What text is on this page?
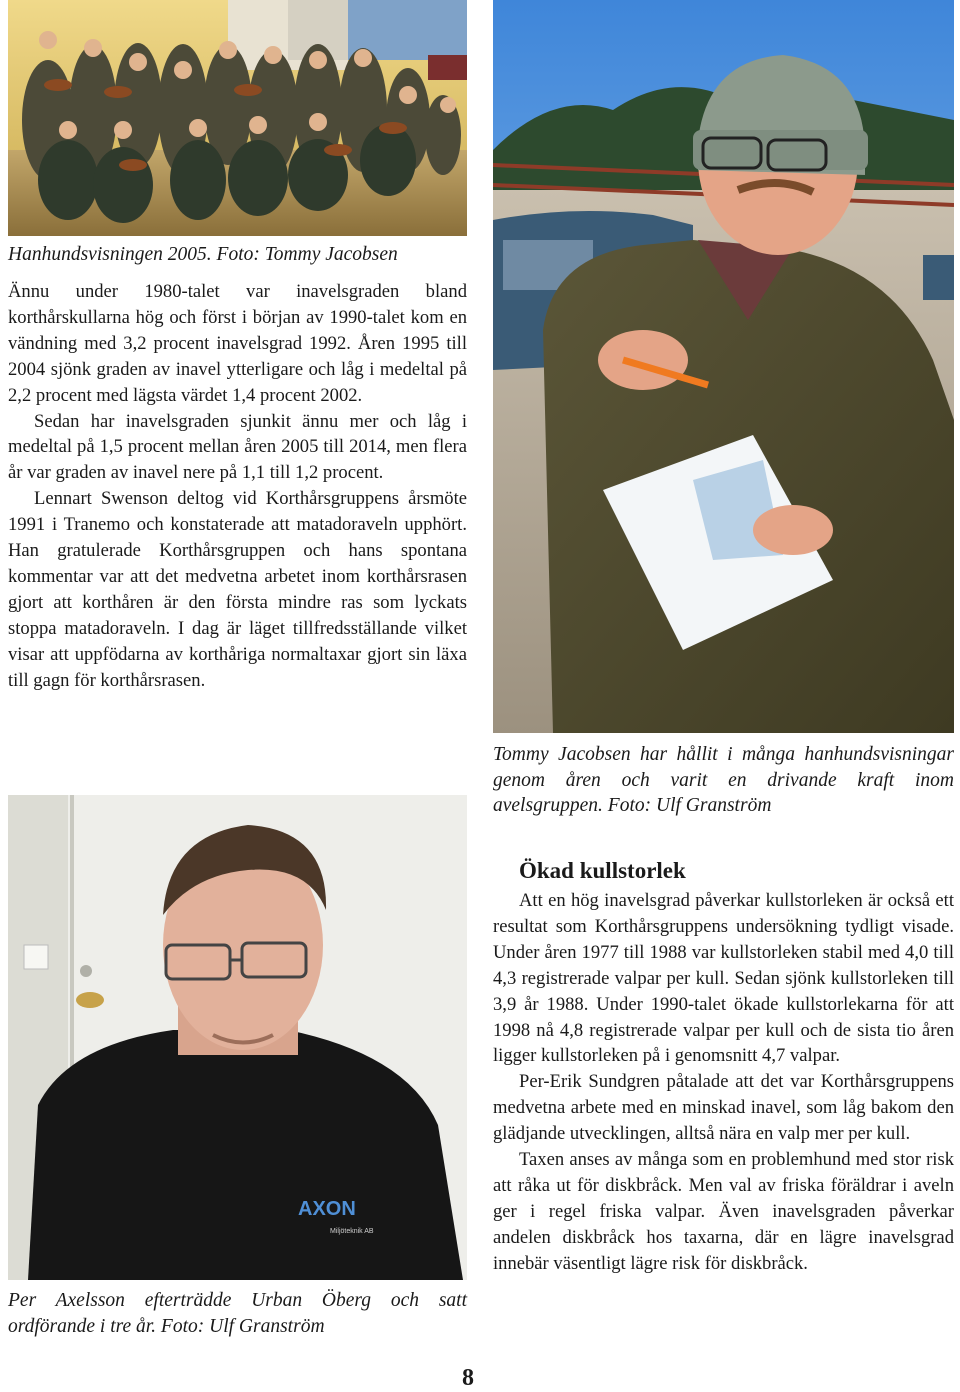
Hanhundsvisningen 2005. Foto: Tommy Jacobsen

Ännu under 1980-talet var inavelsgraden bland korthårskullarna hög och först i början av 1990-talet kom en vändning med 3,2 procent inavelsgrad 1992. Åren 1995 till 2004 sjönk graden av inavel ytterligare och låg i medeltal på 2,2 procent med lägsta värdet 1,4 procent 2002.

Sedan har inavelsgraden sjunkit ännu mer och låg i medeltal på 1,5 procent mellan åren 2005 till 2014, men flera år var graden av inavel nere på 1,1 till 1,2 procent.

Lennart Swenson deltog vid Korthårsgruppens årsmöte 1991 i Tranemo och konstaterade att matadoraveln upphört. Han gratulerade Korthårsgruppen och hans spontana kommentar var att det medvetna arbetet inom korthårsrasen gjort att korthåren är den första mindre ras som lyckats stoppa matadoraveln. I dag är läget tillfredsställande vilket visar att uppfödarna av korthåriga normaltaxar gjort sin läxa till gagn för korthårsrasen.

Tommy Jacobsen har hållit i många hanhundsvisningar genom åren och varit en drivande kraft inom avelsgruppen. Foto: Ulf Granström

AXON
Miljöteknik AB

Per Axelsson efterträdde Urban Öberg och satt ordförande i tre år. Foto: Ulf Granström

Ökad kullstorlek

Att en hög inavelsgrad påverkar kullstorleken är också ett resultat som Korthårsgruppens undersökning tydligt visade. Under åren 1977 till 1988 var kullstorleken stabil med 4,0 till 4,3 registrerade valpar per kull. Sedan sjönk kullstorleken till 3,9 år 1988. Under 1990-talet ökade kullstorlekarna för att 1998 nå 4,8 registrerade valpar per kull och de sista tio åren ligger kullstorleken på i genomsnitt 4,7 valpar.

Per-Erik Sundgren påtalade att det var Korthårsgruppens medvetna arbete med en minskad inavel, som låg bakom den glädjande utvecklingen, alltså nära en valp mer per kull.

Taxen anses av många som en problemhund med stor risk att råka ut för diskbråck. Men val av friska föräldrar i aveln ger i regel friska valpar. Även inavelsgraden påverkar andelen diskbråck hos taxarna, där en lägre inavelsgrad innebär väsentligt lägre risk för diskbråck.

8
